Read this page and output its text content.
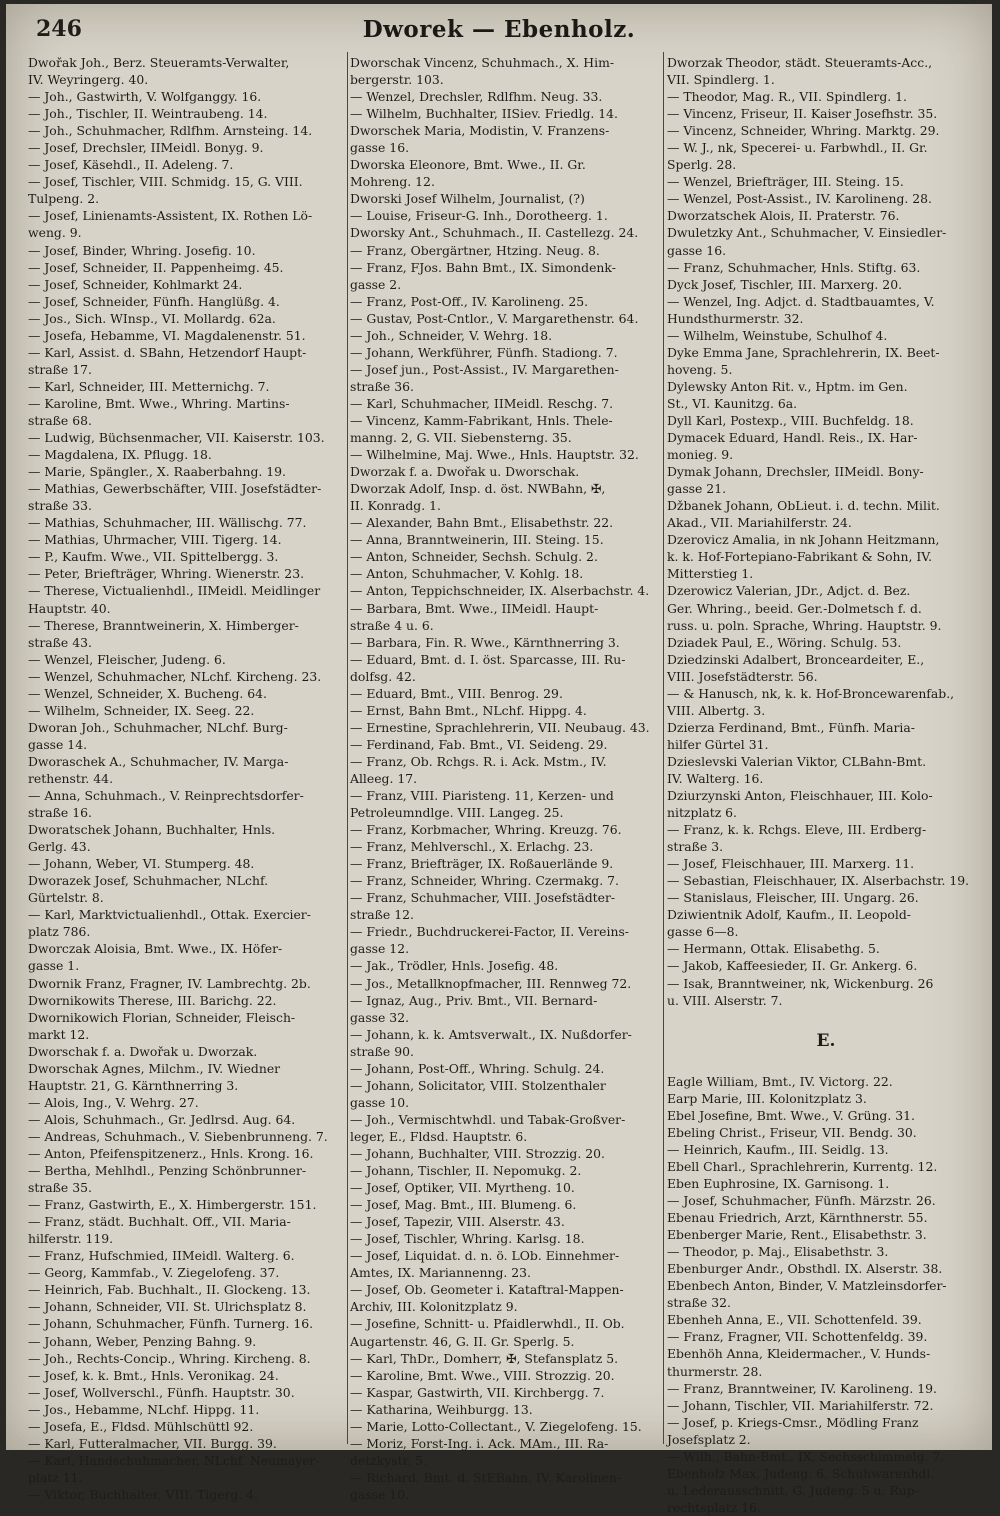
246	Dworek — Ebenholz.
Dwořak Joh., Berz. Steueramts-Verwalter,
IV. Weyringerg. 40.
— Joh., Gastwirth, V. Wolfganggy. 16.
— Joh., Tischler, II. Weintraubeng. 14.
— Joh., Schuhmacher, Rdlfhm. Arnsteing. 14.
— Josef, Drechsler, IIMeidl. Bonyg. 9.
— Josef, Käsehdl., II. Adeleng. 7.
— Josef, Tischler, VIII. Schmidg. 15, G. VIII.
Tulpeng. 2.
— Josef, Linienamts-Assistent, IX. Rothen Lö-
weng. 9.
— Josef, Binder, Whring. Josefig. 10.
— Josef, Schneider, II. Pappenheimg. 45.
— Josef, Schneider, Kohlmarkt 24.
— Josef, Schneider, Fünfh. Hanglüßg. 4.
— Jos., Sich. WInsp., VI. Mollardg. 62a.
— Josefa, Hebamme, VI. Magdalenenstr. 51.
— Karl, Assist. d. SBahn, Hetzendorf Haupt-
straße 17.
— Karl, Schneider, III. Metternichg. 7.
— Karoline, Bmt. Wwe., Whring. Martins-
straße 68.
— Ludwig, Büchsenmacher, VII. Kaiserstr. 103.
— Magdalena, IX. Pflugg. 18.
— Marie, Spängler., X. Raaberbahng. 19.
— Mathias, Gewerbschäfter, VIII. Josefstädter-
straße 33.
— Mathias, Schuhmacher, III. Wällischg. 77.
— Mathias, Uhrmacher, VIII. Tigerg. 14.
— P., Kaufm. Wwe., VII. Spittelbergg. 3.
— Peter, Briefträger, Whring. Wienerstr. 23.
— Therese, Victualienhdl., IIMeidl. Meidlinger
Hauptstr. 40.
— Therese, Branntweinerin, X. Himberger-
straße 43.
— Wenzel, Fleischer, Judeng. 6.
— Wenzel, Schuhmacher, NLchf. Kircheng. 23.
— Wenzel, Schneider, X. Bucheng. 64.
— Wilhelm, Schneider, IX. Seeg. 22.
Dworan Joh., Schuhmacher, NLchf. Burg-
gasse 14.
Dworaschek A., Schuhmacher, IV. Marga-
rethenstr. 44.
— Anna, Schuhmach., V. Reinprechtsdorfer-
straße 16.
Dworatschek Johann, Buchhalter, Hnls.
Gerlg. 43.
— Johann, Weber, VI. Stumperg. 48.
Dworazek Josef, Schuhmacher, NLchf.
Gürtelstr. 8.
— Karl, Marktvictualienhdl., Ottak. Exercier-
platz 786.
Dworczak Aloisia, Bmt. Wwe., IX. Höfer-
gasse 1.
Dwornik Franz, Fragner, IV. Lambrechtg. 2b.
Dwornikowits Therese, III. Barichg. 22.
Dwornikowich Florian, Schneider, Fleisch-
markt 12.
Dworschak f. a. Dwořak u. Dworzak.
Dworschak Agnes, Milchm., IV. Wiedner
Hauptstr. 21, G. Kärnthnerring 3.
— Alois, Ing., V. Wehrg. 27.
— Alois, Schuhmach., Gr. Jedlrsd. Aug. 64.
— Andreas, Schuhmach., V. Siebenbrunneng. 7.
— Anton, Pfeifenspitzenerz., Hnls. Krong. 16.
— Bertha, Mehlhdl., Penzing Schönbrunner-
straße 35.
— Franz, Gastwirth, E., X. Himbergerstr. 151.
— Franz, städt. Buchhalt. Off., VII. Maria-
hilferstr. 119.
— Franz, Hufschmied, IIMeidl. Walterg. 6.
— Georg, Kammfab., V. Ziegelofeng. 37.
— Heinrich, Fab. Buchhalt., II. Glockeng. 13.
— Johann, Schneider, VII. St. Ulrichsplatz 8.
— Johann, Schuhmacher, Fünfh. Turnerg. 16.
— Johann, Weber, Penzing Bahng. 9.
— Joh., Rechts-Concip., Whring. Kircheng. 8.
— Josef, k. k. Bmt., Hnls. Veronikag. 24.
— Josef, Wollverschl., Fünfh. Hauptstr. 30.
— Jos., Hebamme, NLchf. Hippg. 11.
— Josefa, E., Fldsd. Mühlschüttl 92.
— Karl, Futteralmacher, VII. Burgg. 39.
— Karl, Handschuhmacher, NLchf. Neumayer-
platz 11.
— Viktor, Buchhalter, VIII. Tigerg. 4.
Dworschak Vincenz, Schuhmach., X. Him-
bergerstr. 103.
— Wenzel, Drechsler, Rdlfhm. Neug. 33.
— Wilhelm, Buchhalter, IISiev. Friedlg. 14.
Dworschek Maria, Modistin, V. Franzens-
gasse 16.
Dworska Eleonore, Bmt. Wwe., II. Gr.
Mohreng. 12.
Dworski Josef Wilhelm, Journalist, (?)
— Louise, Friseur-G. Inh., Dorotheerg. 1.
Dworsky Ant., Schuhmach., II. Castellezg. 24.
— Franz, Obergärtner, Htzing. Neug. 8.
— Franz, FJos. Bahn Bmt., IX. Simondenk-
gasse 2.
— Franz, Post-Off., IV. Karolineng. 25.
— Gustav, Post-Cntlor., V. Margarethenstr. 64.
— Joh., Schneider, V. Wehrg. 18.
— Johann, Werkführer, Fünfh. Stadiong. 7.
— Josef jun., Post-Assist., IV. Margarethen-
straße 36.
— Karl, Schuhmacher, IIMeidl. Reschg. 7.
— Vincenz, Kamm-Fabrikant, Hnls. Thele-
manng. 2, G. VII. Siebensterng. 35.
— Wilhelmine, Maj. Wwe., Hnls. Hauptstr. 32.
Dworzak f. a. Dwořak u. Dworschak.
Dworzak Adolf, Insp. d. öst. NWBahn, ✠,
II. Konradg. 1.
— Alexander, Bahn Bmt., Elisabethstr. 22.
— Anna, Branntweinerin, III. Steing. 15.
— Anton, Schneider, Sechsh. Schulg. 2.
— Anton, Schuhmacher, V. Kohlg. 18.
— Anton, Teppichschneider, IX. Alserbachstr. 4.
— Barbara, Bmt. Wwe., IIMeidl. Haupt-
straße 4 u. 6.
— Barbara, Fin. R. Wwe., Kärnthnerring 3.
— Eduard, Bmt. d. I. öst. Sparcasse, III. Ru-
dolfsg. 42.
— Eduard, Bmt., VIII. Benrog. 29.
— Ernst, Bahn Bmt., NLchf. Hippg. 4.
— Ernestine, Sprachlehrerin, VII. Neubaug. 43.
— Ferdinand, Fab. Bmt., VI. Seideng. 29.
— Franz, Ob. Rchgs. R. i. Ack. Mstm., IV.
Alleeg. 17.
— Franz, VIII. Piaristeng. 11, Kerzen- und
Petroleumndlge. VIII. Langeg. 25.
— Franz, Korbmacher, Whring. Kreuzg. 76.
— Franz, Mehlverschl., X. Erlachg. 23.
— Franz, Briefträger, IX. Roßauerlände 9.
— Franz, Schneider, Whring. Czermakg. 7.
— Franz, Schuhmacher, VIII. Josefstädter-
straße 12.
— Friedr., Buchdruckerei-Factor, II. Vereins-
gasse 12.
— Jak., Trödler, Hnls. Josefig. 48.
— Jos., Metallknopfmacher, III. Rennweg 72.
— Ignaz, Aug., Priv. Bmt., VII. Bernard-
gasse 32.
— Johann, k. k. Amtsverwalt., IX. Nußdorfer-
straße 90.
— Johann, Post-Off., Whring. Schulg. 24.
— Johann, Solicitator, VIII. Stolzenthaler
gasse 10.
— Joh., Vermischtwhdl. und Tabak-Großver-
leger, E., Fldsd. Hauptstr. 6.
— Johann, Buchhalter, VIII. Strozzig. 20.
— Johann, Tischler, II. Nepomukg. 2.
— Josef, Optiker, VII. Myrtheng. 10.
— Josef, Mag. Bmt., III. Blumeng. 6.
— Josef, Tapezir, VIII. Alserstr. 43.
— Josef, Tischler, Whring. Karlsg. 18.
— Josef, Liquidat. d. n. ö. LOb. Einnehmer-
Amtes, IX. Mariannenng. 23.
— Josef, Ob. Geometer i. Kataftral-Mappen-
Archiv, III. Kolonitzplatz 9.
— Josefine, Schnitt- u. Pfaidlerwhdl., II. Ob.
Augartenstr. 46, G. II. Gr. Sperlg. 5.
— Karl, ThDr., Domherr, ✠, Stefansplatz 5.
— Karoline, Bmt. Wwe., VIII. Strozzig. 20.
— Kaspar, Gastwirth, VII. Kirchbergg. 7.
— Katharina, Weihburgg. 13.
— Marie, Lotto-Collectant., V. Ziegelofeng. 15.
— Moriz, Forst-Ing. i. Ack. MAm., III. Ra-
detzkystr. 5.
— Richard, Bmt. d. StEBahn, IV. Karolinen-
gasse 10.
Dworzak Theodor, städt. Steueramts-Acc.,
VII. Spindlerg. 1.
— Theodor, Mag. R., VII. Spindlerg. 1.
— Vincenz, Friseur, II. Kaiser Josefhstr. 35.
— Vincenz, Schneider, Whring. Marktg. 29.
— W. J., nk, Specerei- u. Farbwhdl., II. Gr.
Sperlg. 28.
— Wenzel, Briefträger, III. Steing. 15.
— Wenzel, Post-Assist., IV. Karolineng. 28.
Dworzatschek Alois, II. Praterstr. 76.
Dwuletzky Ant., Schuhmacher, V. Einsiedler-
gasse 16.
— Franz, Schuhmacher, Hnls. Stiftg. 63.
Dyck Josef, Tischler, III. Marxerg. 20.
— Wenzel, Ing. Adjct. d. Stadtbauamtes, V.
Hundsthurmerstr. 32.
— Wilhelm, Weinstube, Schulhof 4.
Dyke Emma Jane, Sprachlehrerin, IX. Beet-
hoveng. 5.
Dylewsky Anton Rit. v., Hptm. im Gen.
St., VI. Kaunitzg. 6a.
Dyll Karl, Postexp., VIII. Buchfeldg. 18.
Dymacek Eduard, Handl. Reis., IX. Har-
monieg. 9.
Dymak Johann, Drechsler, IIMeidl. Bony-
gasse 21.
Džbanek Johann, ObLieut. i. d. techn. Milit.
Akad., VII. Mariahilferstr. 24.
Dzerovicz Amalia, in nk Johann Heitzmann,
k. k. Hof-Fortepiano-Fabrikant & Sohn, IV.
Mitterstieg 1.
Dzerowicz Valerian, JDr., Adjct. d. Bez.
Ger. Whring., beeid. Ger.-Dolmetsch f. d.
russ. u. poln. Sprache, Whring. Hauptstr. 9.
Dziadek Paul, E., Wöring. Schulg. 53.
Dziedzinski Adalbert, Bronceardeiter, E.,
VIII. Josefstädterstr. 56.
— & Hanusch, nk, k. k. Hof-Broncewarenfab.,
VIII. Albertg. 3.
Dzierza Ferdinand, Bmt., Fünfh. Maria-
hilfer Gürtel 31.
Dzieslevski Valerian Viktor, CLBahn-Bmt.
IV. Walterg. 16.
Dziurzynski Anton, Fleischhauer, III. Kolo-
nitzplatz 6.
— Franz, k. k. Rchgs. Eleve, III. Erdberg-
straße 3.
— Josef, Fleischhauer, III. Marxerg. 11.
— Sebastian, Fleischhauer, IX. Alserbachstr. 19.
— Stanislaus, Fleischer, III. Ungarg. 26.
Dziwientnik Adolf, Kaufm., II. Leopold-
gasse 6—8.
— Hermann, Ottak. Elisabethg. 5.
— Jakob, Kaffeesieder, II. Gr. Ankerg. 6.
— Isak, Branntweiner, nk, Wickenburg. 26
u. VIII. Alserstr. 7.
E.
Eagle William, Bmt., IV. Victorg. 22.
Earp Marie, III. Kolonitzplatz 3.
Ebel Josefine, Bmt. Wwe., V. Grüng. 31.
Ebeling Christ., Friseur, VII. Bendg. 30.
— Heinrich, Kaufm., III. Seidlg. 13.
Ebell Charl., Sprachlehrerin, Kurrentg. 12.
Eben Euphrosine, IX. Garnisong. 1.
— Josef, Schuhmacher, Fünfh. Märzstr. 26.
Ebenau Friedrich, Arzt, Kärnthnerstr. 55.
Ebenberger Marie, Rent., Elisabethstr. 3.
— Theodor, p. Maj., Elisabethstr. 3.
Ebenburger Andr., Obsthdl. IX. Alserstr. 38.
Ebenbech Anton, Binder, V. Matzleinsdorfer-
straße 32.
Ebenheh Anna, E., VII. Schottenfeld. 39.
— Franz, Fragner, VII. Schottenfeldg. 39.
Ebenhöh Anna, Kleidermacher., V. Hunds-
thurmerstr. 28.
— Franz, Branntweiner, IV. Karolineng. 19.
— Johann, Tischler, VII. Mariahilferstr. 72.
— Josef, p. Kriegs-Cmsr., Mödling Franz
Josefsplatz 2.
— Wilh., Bahn-Bmt., IX. Sechsschimmelg. 7.
Ebenholz Max, Judeng. 6, Schuhwarenhdl.
u. Lederausschnitt, G. Judeng. 5 u. Rup-
rechtsplatz 16.
